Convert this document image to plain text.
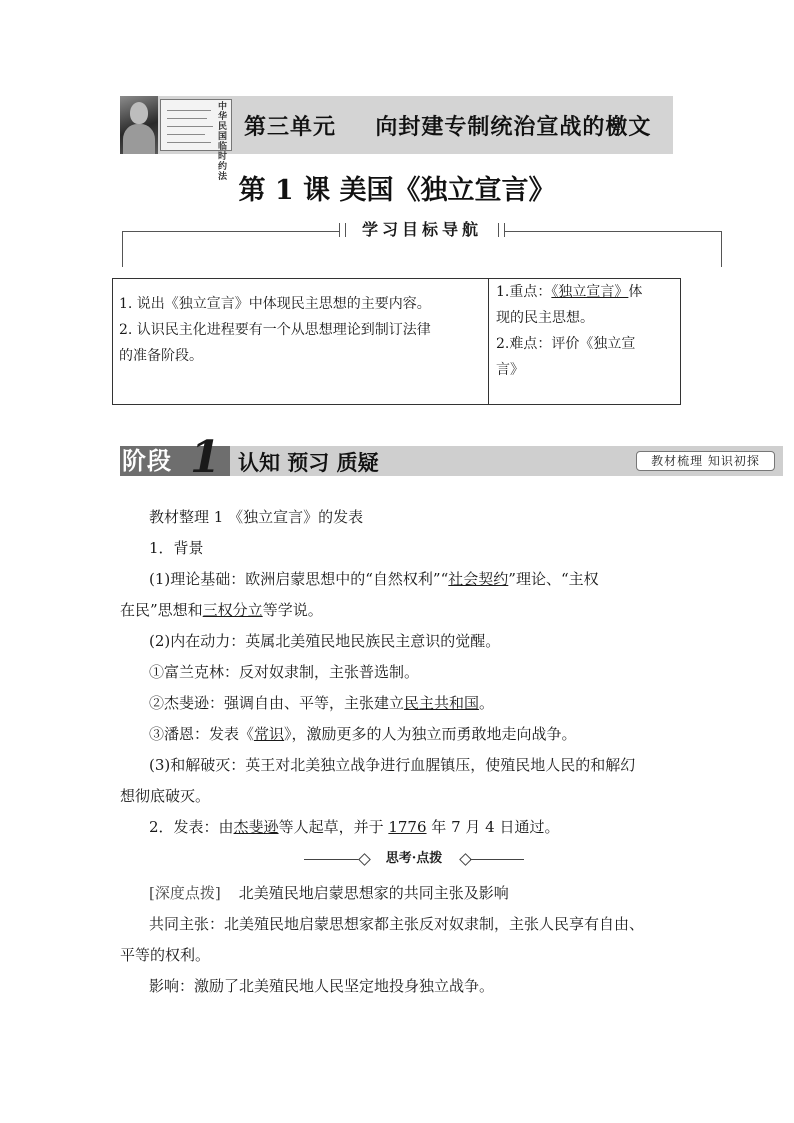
中华民国临时约法
第三单元 向封建专制统治宣战的檄文
第 1 课 美国《独立宣言》
学习目标导航
1. 说出《独立宣言》中体现民主思想的主要内容。
2. 认识民主化进程要有一个从思想理论到制订法律
的准备阶段。
1.重点：《独立宣言》体
现的民主思想。
2.难点：评价《独立宣
言》
阶段 1 认知 预习 质疑	教材梳理 知识初探
教材整理 1 《独立宣言》的发表
1．背景
(1)理论基础：欧洲启蒙思想中的“自然权利”“社会契约”理论、“主权
在民”思想和三权分立等学说。
(2)内在动力：英属北美殖民地民族民主意识的觉醒。
①富兰克林：反对奴隶制，主张普选制。
②杰斐逊：强调自由、平等，主张建立民主共和国。
③潘恩：发表《常识》，激励更多的人为独立而勇敢地走向战争。
(3)和解破灭：英王对北美独立战争进行血腥镇压，使殖民地人民的和解幻
想彻底破灭。
2．发表：由杰斐逊等人起草，并于 1776 年 7 月 4 日通过。
思考·点拨
[深度点拨] 北美殖民地启蒙思想家的共同主张及影响
共同主张：北美殖民地启蒙思想家都主张反对奴隶制，主张人民享有自由、
平等的权利。
影响：激励了北美殖民地人民坚定地投身独立战争。
